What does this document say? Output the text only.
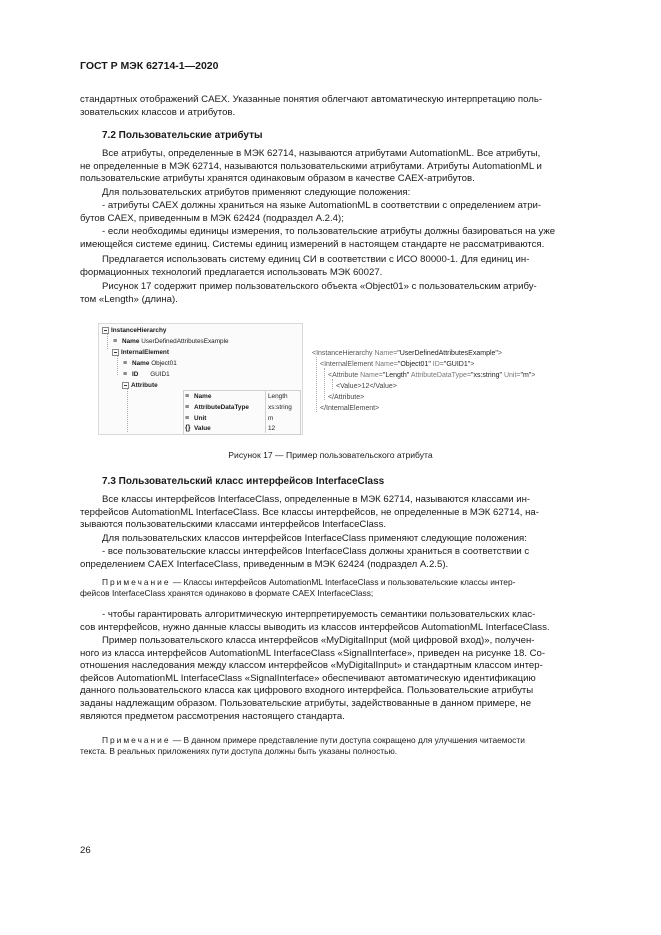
ГОСТ Р МЭК 62714-1—2020
стандартных отображений CAEX. Указанные понятия облегчают автоматическую интерпретацию поль-
зовательских классов и атрибутов.
7.2 Пользовательские атрибуты
Все атрибуты, определенные в МЭК 62714, называются атрибутами AutomationML. Все атрибуты,
не определенные в МЭК 62714, называются пользовательскими атрибутами. Атрибуты AutomationML и
пользовательские атрибуты хранятся одинаковым образом в качестве CAEX-атрибутов.
Для пользовательских атрибутов применяют следующие положения:
- атрибуты CAEX должны храниться на языке AutomationML в соответствии с определением атри-
бутов CAEX, приведенным в МЭК 62424 (подраздел А.2.4);
- если необходимы единицы измерения, то пользовательские атрибуты должны базироваться на уже
имеющейся системе единиц. Системы единиц измерений в настоящем стандарте не рассматриваются.
Предлагается использовать систему единиц СИ в соответствии с ИСО 80000-1. Для единиц ин-
формационных технологий предлагается использовать МЭК 60027.
Рисунок 17 содержит пример пользовательского объекта «Object01» с пользовательским атрибу-
том «Length» (длина).
InstanceHierarchy
≡ Name UserDefinedAttributesExample
InternalElement
≡ Name Object01
≡ ID GUID1
Attribute
≡ Name	Length
≡ AttributeDataType	xs:string
≡ Unit	m
{} Value	12
<InstanceHierarchy Name="UserDefinedAttributesExample">
<InternalElement Name="Object01" ID="GUID1">
<Attribute Name="Length" AttributeDataType="xs:string" Unit="m">
<Value>12</Value>
</Attribute>
</InternalElement>
Рисунок 17 — Пример пользовательского атрибута
7.3 Пользовательский класс интерфейсов InterfaceClass
Все классы интерфейсов InterfaceClass, определенные в МЭК 62714, называются классами ин-
терфейсов AutomationML InterfaceClass. Все классы интерфейсов, не определенные в МЭК 62714, на-
зываются пользовательскими классами интерфейсов InterfaceClass.
Для пользовательских классов интерфейсов InterfaceClass применяют следующие положения:
- все пользовательские классы интерфейсов InterfaceClass должны храниться в соответствии с
определением CAEX InterfaceClass, приведенным в МЭК 62424 (подраздел А.2.5).
Примечание — Классы интерфейсов AutomationML InterfaceClass и пользовательские классы интер-
фейсов InterfaceClass хранятся одинаково в формате CAEX InterfaceClass;
- чтобы гарантировать алгоритмическую интерпретируемость семантики пользовательских клас-
сов интерфейсов, нужно данные классы выводить из классов интерфейсов AutomationML InterfaceClass.
Пример пользовательского класса интерфейсов «MyDigitalInput (мой цифровой вход)», получен-
ного из класса интерфейсов AutomationML InterfaceClass «SignalInterface», приведен на рисунке 18. Со-
отношения наследования между классом интерфейсов «MyDigitalInput» и стандартным классом интер-
фейсов AutomationML InterfaceClass «SignalInterface» обеспечивают автоматическую идентификацию
данного пользовательского класса как цифрового входного интерфейса. Пользовательские атрибуты
заданы надлежащим образом. Пользовательские атрибуты, задействованные в данном примере, не
являются предметом рассмотрения настоящего стандарта.
Примечание — В данном примере представление пути доступа сокращено для улучшения читаемости
текста. В реальных приложениях пути доступа должны быть указаны полностью.
26
